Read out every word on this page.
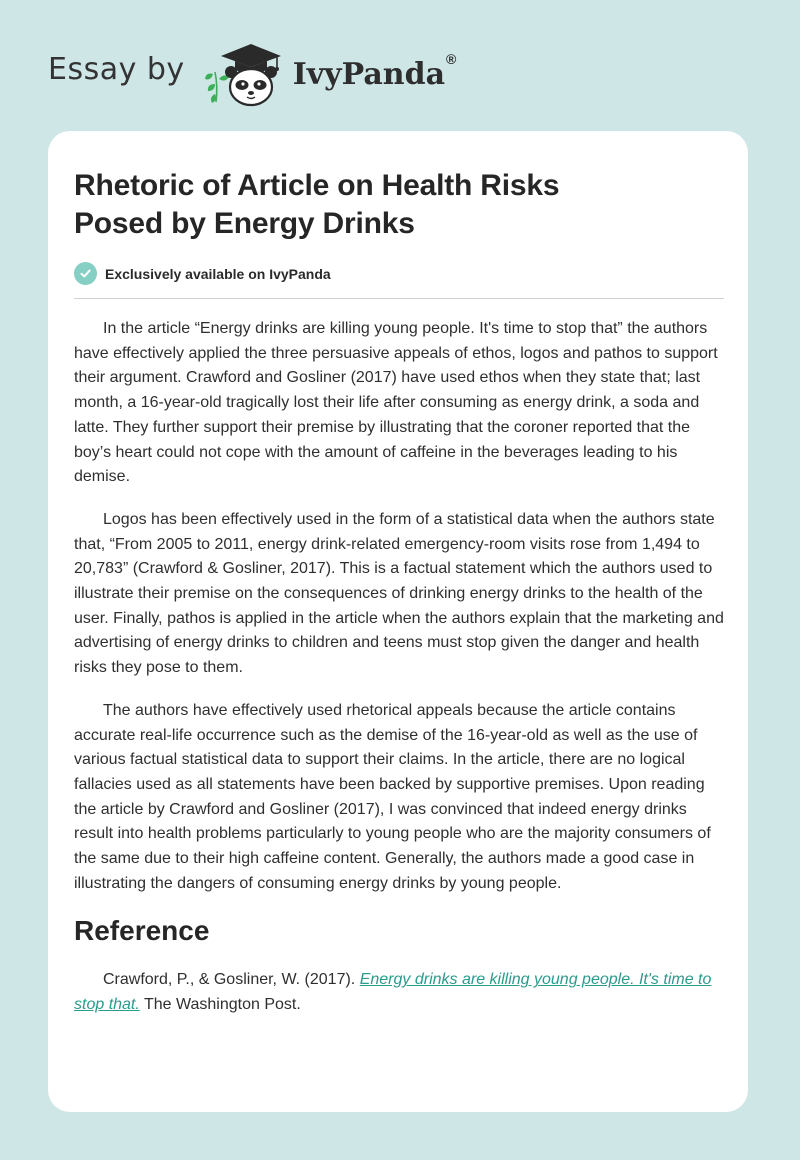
Essay by	IvyPanda®
Rhetoric of Article on Health Risks
Posed by Energy Drinks
Exclusively available on IvyPanda

In the article “Energy drinks are killing young people. It's time to stop that” the authors have effectively applied the three persuasive appeals of ethos, logos and pathos to support their argument. Crawford and Gosliner (2017) have used ethos when they state that; last month, a 16-year-old tragically lost their life after consuming as energy drink, a soda and latte. They further support their premise by illustrating that the coroner reported that the boy’s heart could not cope with the amount of caffeine in the beverages leading to his demise.

Logos has been effectively used in the form of a statistical data when the authors state that, “From 2005 to 2011, energy drink-related emergency-room visits rose from 1,494 to 20,783” (Crawford & Gosliner, 2017). This is a factual statement which the authors used to illustrate their premise on the consequences of drinking energy drinks to the health of the user. Finally, pathos is applied in the article when the authors explain that the marketing and advertising of energy drinks to children and teens must stop given the danger and health risks they pose to them.

The authors have effectively used rhetorical appeals because the article contains accurate real-life occurrence such as the demise of the 16-year-old as well as the use of various factual statistical data to support their claims. In the article, there are no logical fallacies used as all statements have been backed by supportive premises. Upon reading the article by Crawford and Gosliner (2017), I was convinced that indeed energy drinks result into health problems particularly to young people who are the majority consumers of the same due to their high caffeine content. Generally, the authors made a good case in illustrating the dangers of consuming energy drinks by young people.

Reference

Crawford, P., & Gosliner, W. (2017). Energy drinks are killing young people. It's time to stop that. The Washington Post.
